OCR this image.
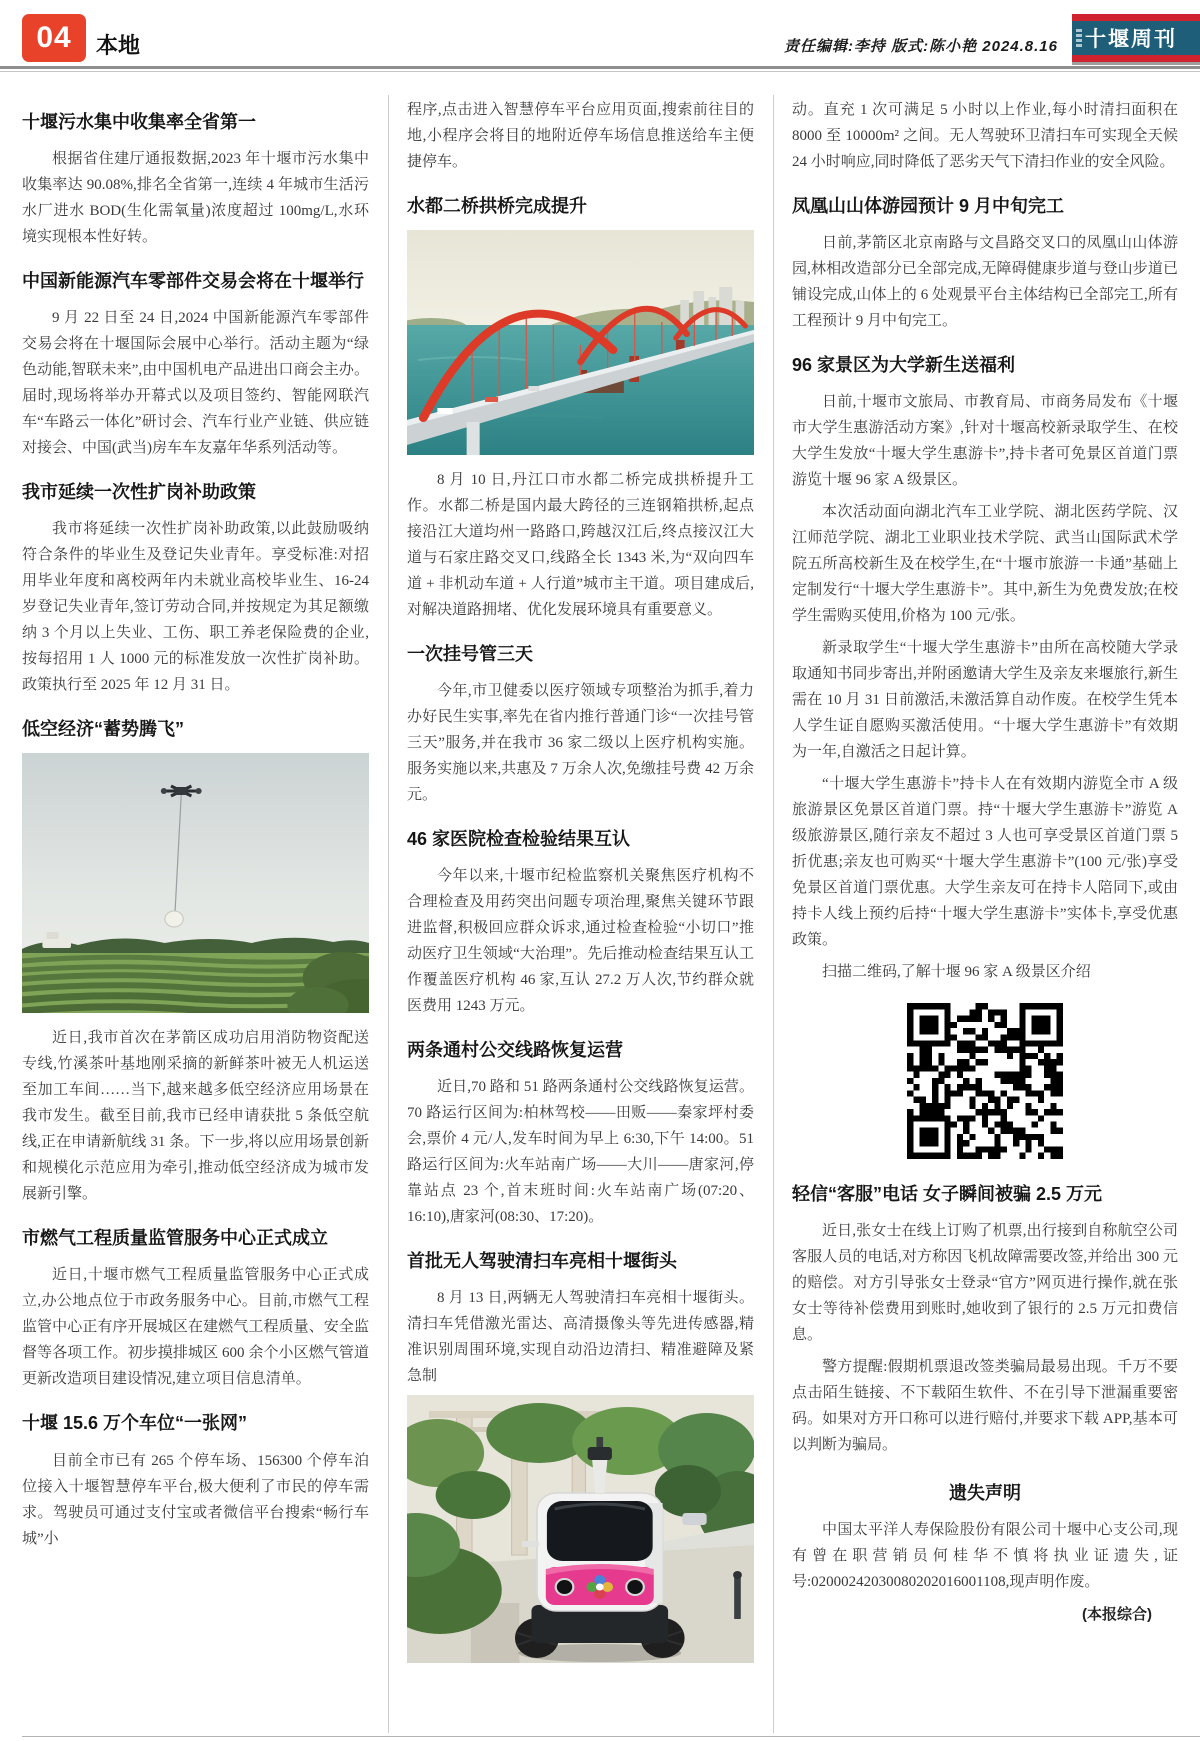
04 本地	责任编辑:李持 版式:陈小艳 2024.8.16 十堰周刊
十堰污水集中收集率全省第一

根据省住建厅通报数据,2023 年十堰市污水集中收集率达 90.08%,排名全省第一,连续 4 年城市生活污水厂进水 BOD(生化需氧量)浓度超过 100mg/L,水环境实现根本性好转。

中国新能源汽车零部件交易会将在十堰举行

9 月 22 日至 24 日,2024 中国新能源汽车零部件交易会将在十堰国际会展中心举行。活动主题为“绿色动能,智联未来”,由中国机电产品进出口商会主办。届时,现场将举办开幕式以及项目签约、智能网联汽车“车路云一体化”研讨会、汽车行业产业链、供应链对接会、中国(武当)房车车友嘉年华系列活动等。

我市延续一次性扩岗补助政策

我市将延续一次性扩岗补助政策,以此鼓励吸纳符合条件的毕业生及登记失业青年。享受标准:对招用毕业年度和离校两年内未就业高校毕业生、16-24 岁登记失业青年,签订劳动合同,并按规定为其足额缴纳 3 个月以上失业、工伤、职工养老保险费的企业,按每招用 1 人 1000 元的标准发放一次性扩岗补助。政策执行至 2025 年 12 月 31 日。

低空经济“蓄势腾飞”

近日,我市首次在茅箭区成功启用消防物资配送专线,竹溪茶叶基地刚采摘的新鲜茶叶被无人机运送至加工车间……当下,越来越多低空经济应用场景在我市发生。截至目前,我市已经申请获批 5 条低空航线,正在申请新航线 31 条。下一步,将以应用场景创新和规模化示范应用为牵引,推动低空经济成为城市发展新引擎。

市燃气工程质量监管服务中心正式成立

近日,十堰市燃气工程质量监管服务中心正式成立,办公地点位于市政务服务中心。目前,市燃气工程监管中心正有序开展城区在建燃气工程质量、安全监督等各项工作。初步摸排城区 600 余个小区燃气管道更新改造项目建设情况,建立项目信息清单。

十堰 15.6 万个车位“一张网”

目前全市已有 265 个停车场、156300 个停车泊位接入十堰智慧停车平台,极大便利了市民的停车需求。驾驶员可通过支付宝或者微信平台搜索“畅行车城”小

程序,点击进入智慧停车平台应用页面,搜索前往目的地,小程序会将目的地附近停车场信息推送给车主便捷停车。

水都二桥拱桥完成提升

8 月 10 日,丹江口市水都二桥完成拱桥提升工作。水都二桥是国内最大跨径的三连钢箱拱桥,起点接沿江大道均州一路路口,跨越汉江后,终点接汉江大道与石家庄路交叉口,线路全长 1343 米,为“双向四车道 + 非机动车道 + 人行道”城市主干道。项目建成后,对解决道路拥堵、优化发展环境具有重要意义。

一次挂号管三天

今年,市卫健委以医疗领域专项整治为抓手,着力办好民生实事,率先在省内推行普通门诊“一次挂号管三天”服务,并在我市 36 家二级以上医疗机构实施。服务实施以来,共惠及 7 万余人次,免缴挂号费 42 万余元。

46 家医院检查检验结果互认

今年以来,十堰市纪检监察机关聚焦医疗机构不合理检查及用药突出问题专项治理,聚焦关键环节跟进监督,积极回应群众诉求,通过检查检验“小切口”推动医疗卫生领域“大治理”。先后推动检查结果互认工作覆盖医疗机构 46 家,互认 27.2 万人次,节约群众就医费用 1243 万元。

两条通村公交线路恢复运营

近日,70 路和 51 路两条通村公交线路恢复运营。70 路运行区间为:柏林驾校——田贩——秦家坪村委会,票价 4 元/人,发车时间为早上 6:30,下午 14:00。51 路运行区间为:火车站南广场——大川——唐家河,停靠站点 23 个,首末班时间:火车站南广场(07:20、16:10),唐家河(08:30、17:20)。

首批无人驾驶清扫车亮相十堰街头

8 月 13 日,两辆无人驾驶清扫车亮相十堰街头。清扫车凭借激光雷达、高清摄像头等先进传感器,精准识别周围环境,实现自动沿边清扫、精准避障及紧急制

动。直充 1 次可满足 5 小时以上作业,每小时清扫面积在 8000 至 10000m² 之间。无人驾驶环卫清扫车可实现全天候 24 小时响应,同时降低了恶劣天气下清扫作业的安全风险。

凤凰山山体游园预计 9 月中旬完工

日前,茅箭区北京南路与文昌路交叉口的凤凰山山体游园,林相改造部分已全部完成,无障碍健康步道与登山步道已铺设完成,山体上的 6 处观景平台主体结构已全部完工,所有工程预计 9 月中旬完工。

96 家景区为大学新生送福利

日前,十堰市文旅局、市教育局、市商务局发布《十堰市大学生惠游活动方案》,针对十堰高校新录取学生、在校大学生发放“十堰大学生惠游卡”,持卡者可免景区首道门票游览十堰 96 家 A 级景区。

本次活动面向湖北汽车工业学院、湖北医药学院、汉江师范学院、湖北工业职业技术学院、武当山国际武术学院五所高校新生及在校学生,在“十堰市旅游一卡通”基础上定制发行“十堰大学生惠游卡”。其中,新生为免费发放;在校学生需购买使用,价格为 100 元/张。

新录取学生“十堰大学生惠游卡”由所在高校随大学录取通知书同步寄出,并附函邀请大学生及亲友来堰旅行,新生需在 10 月 31 日前激活,未激活算自动作废。在校学生凭本人学生证自愿购买激活使用。“十堰大学生惠游卡”有效期为一年,自激活之日起计算。

“十堰大学生惠游卡”持卡人在有效期内游览全市 A 级旅游景区免景区首道门票。持“十堰大学生惠游卡”游览 A 级旅游景区,随行亲友不超过 3 人也可享受景区首道门票 5 折优惠;亲友也可购买“十堰大学生惠游卡”(100 元/张)享受免景区首道门票优惠。大学生亲友可在持卡人陪同下,或由持卡人线上预约后持“十堰大学生惠游卡”实体卡,享受优惠政策。

扫描二维码,了解十堰 96 家 A 级景区介绍

轻信“客服”电话 女子瞬间被骗 2.5 万元

近日,张女士在线上订购了机票,出行接到自称航空公司客服人员的电话,对方称因飞机故障需要改签,并给出 300 元的赔偿。对方引导张女士登录“官方”网页进行操作,就在张女士等待补偿费用到账时,她收到了银行的 2.5 万元扣费信息。

警方提醒:假期机票退改签类骗局最易出现。千万不要点击陌生链接、不下载陌生软件、不在引导下泄漏重要密码。如果对方开口称可以进行赔付,并要求下载 APP,基本可以判断为骗局。

遗失声明

中国太平洋人寿保险股份有限公司十堰中心支公司,现有曾在职营销员何桂华不慎将执业证遗失,证号:02000242030080202016001108,现声明作废。

(本报综合)
